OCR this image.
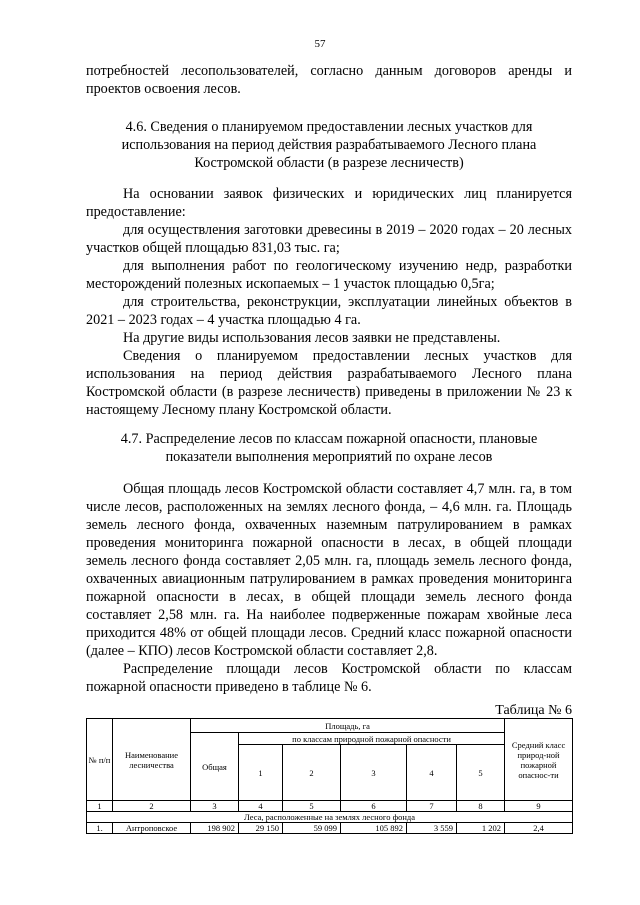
57
потребностей лесопользователей, согласно данным договоров аренды и проектов освоения лесов.
4.6. Сведения о планируемом предоставлении лесных участков для использования на период действия разрабатываемого Лесного плана Костромской области (в разрезе лесничеств)

На основании заявок физических и юридических лиц планируется предоставление:

для осуществления заготовки древесины в 2019 – 2020 годах – 20 лесных участков общей площадью 831,03 тыс. га;

для выполнения работ по геологическому изучению недр, разработки месторождений полезных ископаемых – 1 участок площадью 0,5га;

для строительства, реконструкции, эксплуатации линейных объектов в 2021 – 2023 годах – 4 участка площадью 4 га.

На другие виды использования лесов заявки не представлены.

Сведения о планируемом предоставлении лесных участков для использования на период действия разрабатываемого Лесного плана Костромской области (в разрезе лесничеств) приведены в приложении № 23 к настоящему Лесному плану Костромской области.

4.7. Распределение лесов по классам пожарной опасности, плановые показатели выполнения мероприятий по охране лесов

Общая площадь лесов Костромской области составляет 4,7 млн. га, в том числе лесов, расположенных на землях лесного фонда, – 4,6 млн. га. Площадь земель лесного фонда, охваченных наземным патрулированием в рамках проведения мониторинга пожарной опасности в лесах, в общей площади земель лесного фонда составляет 2,05 млн. га, площадь земель лесного фонда, охваченных авиационным патрулированием в рамках проведения мониторинга пожарной опасности в лесах, в общей площади земель лесного фонда составляет 2,58 млн. га. На наиболее подверженные пожарам хвойные леса приходится 48% от общей площади лесов. Средний класс пожарной опасности (далее – КПО) лесов Костромской области составляет 2,8.

Распределение площади лесов Костромской области по классам пожарной опасности приведено в таблице № 6.

Таблица № 6
№ п/п	Наименование лесничества	Площадь, га						Средний класс природ-ной пожарной опаснос-ти
		Общая	по классам природной пожарной опасности					
			1	2	3	4	5	
1	2	3	4	5	6	7	8	9
Леса, расположенные на землях лесного фонда								
1.	Антроповское	198 902	29 150	59 099	105 892	3 559	1 202	2,4
